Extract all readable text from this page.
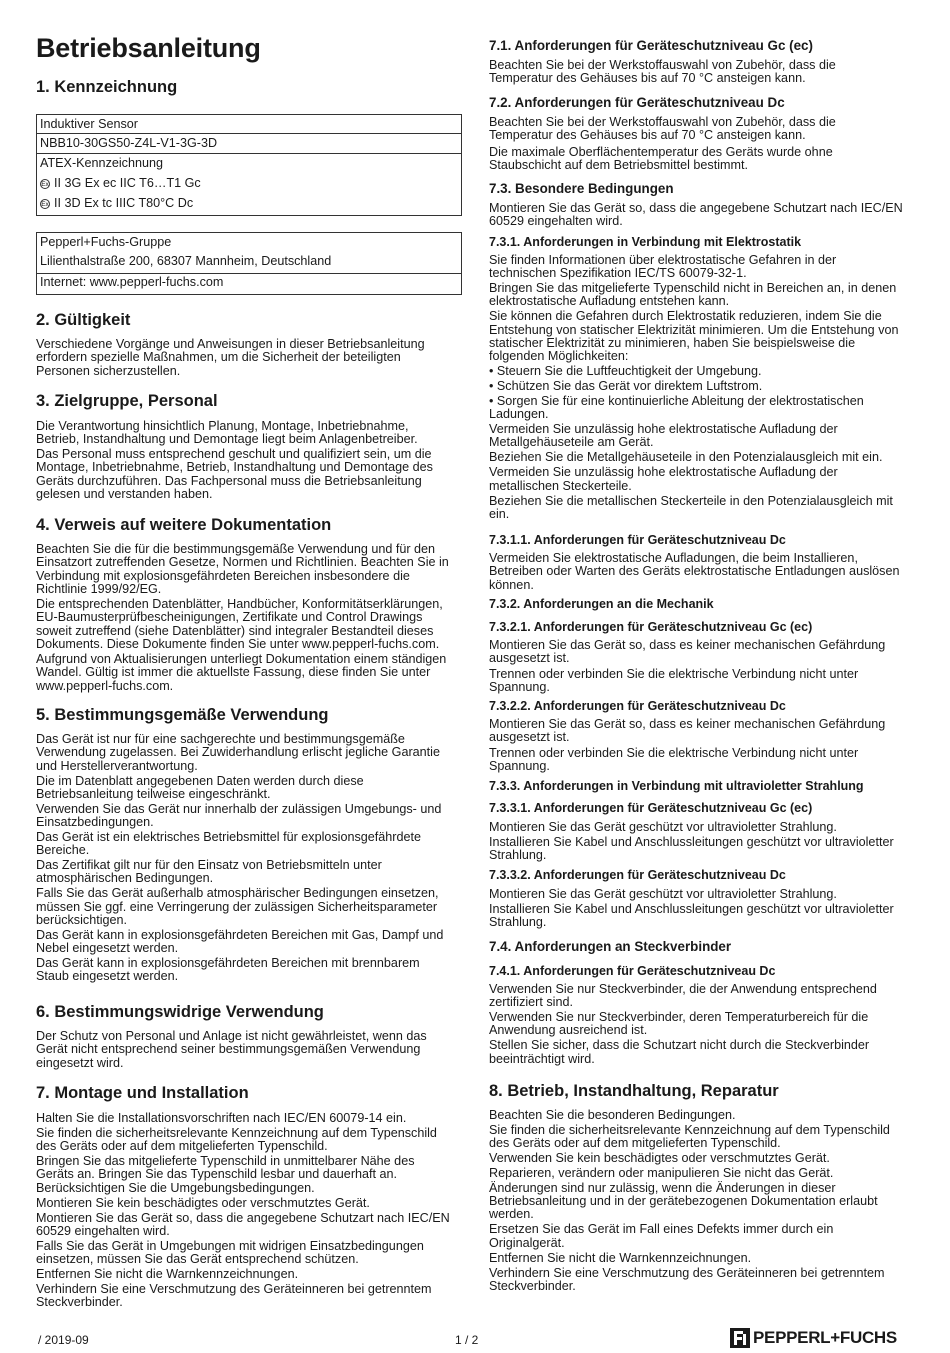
Betriebsanleitung
1. Kennzeichnung
Induktiver Sensor
NBB10-30GS50-Z4L-V1-3G-3D
ATEX-Kennzeichnung
Ex II 3G Ex ec IIC T6…T1 Gc
Ex II 3D Ex tc IIIC T80°C Dc
Pepperl+Fuchs-Gruppe
Lilienthalstraße 200, 68307 Mannheim, Deutschland
Internet: www.pepperl-fuchs.com
2. Gültigkeit

Verschiedene Vorgänge und Anweisungen in dieser Betriebsanleitung
erfordern spezielle Maßnahmen, um die Sicherheit der beteiligten
Personen sicherzustellen.

3. Zielgruppe, Personal

Die Verantwortung hinsichtlich Planung, Montage, Inbetriebnahme,
Betrieb, Instandhaltung und Demontage liegt beim Anlagenbetreiber.

Das Personal muss entsprechend geschult und qualifiziert sein, um die
Montage, Inbetriebnahme, Betrieb, Instandhaltung und Demontage des
Geräts durchzuführen. Das Fachpersonal muss die Betriebsanleitung
gelesen und verstanden haben.

4. Verweis auf weitere Dokumentation

Beachten Sie die für die bestimmungsgemäße Verwendung und für den
Einsatzort zutreffenden Gesetze, Normen und Richtlinien. Beachten Sie in
Verbindung mit explosionsgefährdeten Bereichen insbesondere die
Richtlinie 1999/92/EG.

Die entsprechenden Datenblätter, Handbücher, Konformitätserklärungen,
EU-Baumusterprüfbescheinigungen, Zertifikate und Control Drawings
soweit zutreffend (siehe Datenblätter) sind integraler Bestandteil dieses
Dokuments. Diese Dokumente finden Sie unter www.pepperl-fuchs.com.

Aufgrund von Aktualisierungen unterliegt Dokumentation einem ständigen
Wandel. Gültig ist immer die aktuellste Fassung, diese finden Sie unter
www.pepperl-fuchs.com.

5. Bestimmungsgemäße Verwendung

Das Gerät ist nur für eine sachgerechte und bestimmungsgemäße
Verwendung zugelassen. Bei Zuwiderhandlung erlischt jegliche Garantie
und Herstellerverantwortung.

Die im Datenblatt angegebenen Daten werden durch diese
Betriebsanleitung teilweise eingeschränkt.

Verwenden Sie das Gerät nur innerhalb der zulässigen Umgebungs- und
Einsatzbedingungen.

Das Gerät ist ein elektrisches Betriebsmittel für explosionsgefährdete
Bereiche.

Das Zertifikat gilt nur für den Einsatz von Betriebsmitteln unter
atmosphärischen Bedingungen.

Falls Sie das Gerät außerhalb atmosphärischer Bedingungen einsetzen,
müssen Sie ggf. eine Verringerung der zulässigen Sicherheitsparameter
berücksichtigen.

Das Gerät kann in explosionsgefährdeten Bereichen mit Gas, Dampf und
Nebel eingesetzt werden.

Das Gerät kann in explosionsgefährdeten Bereichen mit brennbarem
Staub eingesetzt werden.

6. Bestimmungswidrige Verwendung

Der Schutz von Personal und Anlage ist nicht gewährleistet, wenn das
Gerät nicht entsprechend seiner bestimmungsgemäßen Verwendung
eingesetzt wird.

7. Montage und Installation

Halten Sie die Installationsvorschriften nach IEC/EN 60079-14 ein.

Sie finden die sicherheitsrelevante Kennzeichnung auf dem Typenschild
des Geräts oder auf dem mitgelieferten Typenschild.

Bringen Sie das mitgelieferte Typenschild in unmittelbarer Nähe des
Geräts an. Bringen Sie das Typenschild lesbar und dauerhaft an.
Berücksichtigen Sie die Umgebungsbedingungen.

Montieren Sie kein beschädigtes oder verschmutztes Gerät.

Montieren Sie das Gerät so, dass die angegebene Schutzart nach IEC/EN
60529 eingehalten wird.

Falls Sie das Gerät in Umgebungen mit widrigen Einsatzbedingungen
einsetzen, müssen Sie das Gerät entsprechend schützen.

Entfernen Sie nicht die Warnkennzeichnungen.

Verhindern Sie eine Verschmutzung des Geräteinneren bei getrenntem
Steckverbinder.

7.1. Anforderungen für Geräteschutzniveau Gc (ec)

Beachten Sie bei der Werkstoffauswahl von Zubehör, dass die
Temperatur des Gehäuses bis auf 70 °C ansteigen kann.

7.2. Anforderungen für Geräteschutzniveau Dc

Beachten Sie bei der Werkstoffauswahl von Zubehör, dass die
Temperatur des Gehäuses bis auf 70 °C ansteigen kann.

Die maximale Oberflächentemperatur des Geräts wurde ohne
Staubschicht auf dem Betriebsmittel bestimmt.

7.3. Besondere Bedingungen

Montieren Sie das Gerät so, dass die angegebene Schutzart nach IEC/EN
60529 eingehalten wird.

7.3.1. Anforderungen in Verbindung mit Elektrostatik

Sie finden Informationen über elektrostatische Gefahren in der
technischen Spezifikation IEC/TS 60079-32-1.

Bringen Sie das mitgelieferte Typenschild nicht in Bereichen an, in denen
elektrostatische Aufladung entstehen kann.

Sie können die Gefahren durch Elektrostatik reduzieren, indem Sie die
Entstehung von statischer Elektrizität minimieren. Um die Entstehung von
statischer Elektrizität zu minimieren, haben Sie beispielsweise die
folgenden Möglichkeiten:

• Steuern Sie die Luftfeuchtigkeit der Umgebung.

• Schützen Sie das Gerät vor direktem Luftstrom.

• Sorgen Sie für eine kontinuierliche Ableitung der elektrostatischen
Ladungen.

Vermeiden Sie unzulässig hohe elektrostatische Aufladung der
Metallgehäuseteile am Gerät.

Beziehen Sie die Metallgehäuseteile in den Potenzialausgleich mit ein.

Vermeiden Sie unzulässig hohe elektrostatische Aufladung der
metallischen Steckerteile.

Beziehen Sie die metallischen Steckerteile in den Potenzialausgleich mit
ein.

7.3.1.1. Anforderungen für Geräteschutzniveau Dc

Vermeiden Sie elektrostatische Aufladungen, die beim Installieren,
Betreiben oder Warten des Geräts elektrostatische Entladungen auslösen
können.

7.3.2. Anforderungen an die Mechanik
7.3.2.1. Anforderungen für Geräteschutzniveau Gc (ec)

Montieren Sie das Gerät so, dass es keiner mechanischen Gefährdung
ausgesetzt ist.

Trennen oder verbinden Sie die elektrische Verbindung nicht unter
Spannung.

7.3.2.2. Anforderungen für Geräteschutzniveau Dc

Montieren Sie das Gerät so, dass es keiner mechanischen Gefährdung
ausgesetzt ist.

Trennen oder verbinden Sie die elektrische Verbindung nicht unter
Spannung.

7.3.3. Anforderungen in Verbindung mit ultravioletter Strahlung
7.3.3.1. Anforderungen für Geräteschutzniveau Gc (ec)

Montieren Sie das Gerät geschützt vor ultravioletter Strahlung.

Installieren Sie Kabel und Anschlussleitungen geschützt vor ultravioletter
Strahlung.

7.3.3.2. Anforderungen für Geräteschutzniveau Dc

Montieren Sie das Gerät geschützt vor ultravioletter Strahlung.

Installieren Sie Kabel und Anschlussleitungen geschützt vor ultravioletter
Strahlung.

7.4. Anforderungen an Steckverbinder
7.4.1. Anforderungen für Geräteschutzniveau Dc

Verwenden Sie nur Steckverbinder, die der Anwendung entsprechend
zertifiziert sind.

Verwenden Sie nur Steckverbinder, deren Temperaturbereich für die
Anwendung ausreichend ist.

Stellen Sie sicher, dass die Schutzart nicht durch die Steckverbinder
beeinträchtigt wird.

8. Betrieb, Instandhaltung, Reparatur

Beachten Sie die besonderen Bedingungen.

Sie finden die sicherheitsrelevante Kennzeichnung auf dem Typenschild
des Geräts oder auf dem mitgelieferten Typenschild.

Verwenden Sie kein beschädigtes oder verschmutztes Gerät.

Reparieren, verändern oder manipulieren Sie nicht das Gerät.

Änderungen sind nur zulässig, wenn die Änderungen in dieser
Betriebsanleitung und in der gerätebezogenen Dokumentation erlaubt
werden.

Ersetzen Sie das Gerät im Fall eines Defekts immer durch ein
Originalgerät.

Entfernen Sie nicht die Warnkennzeichnungen.

Verhindern Sie eine Verschmutzung des Geräteinneren bei getrenntem
Steckverbinder.

/ 2019-09	1 / 2	PEPPERL+FUCHS
